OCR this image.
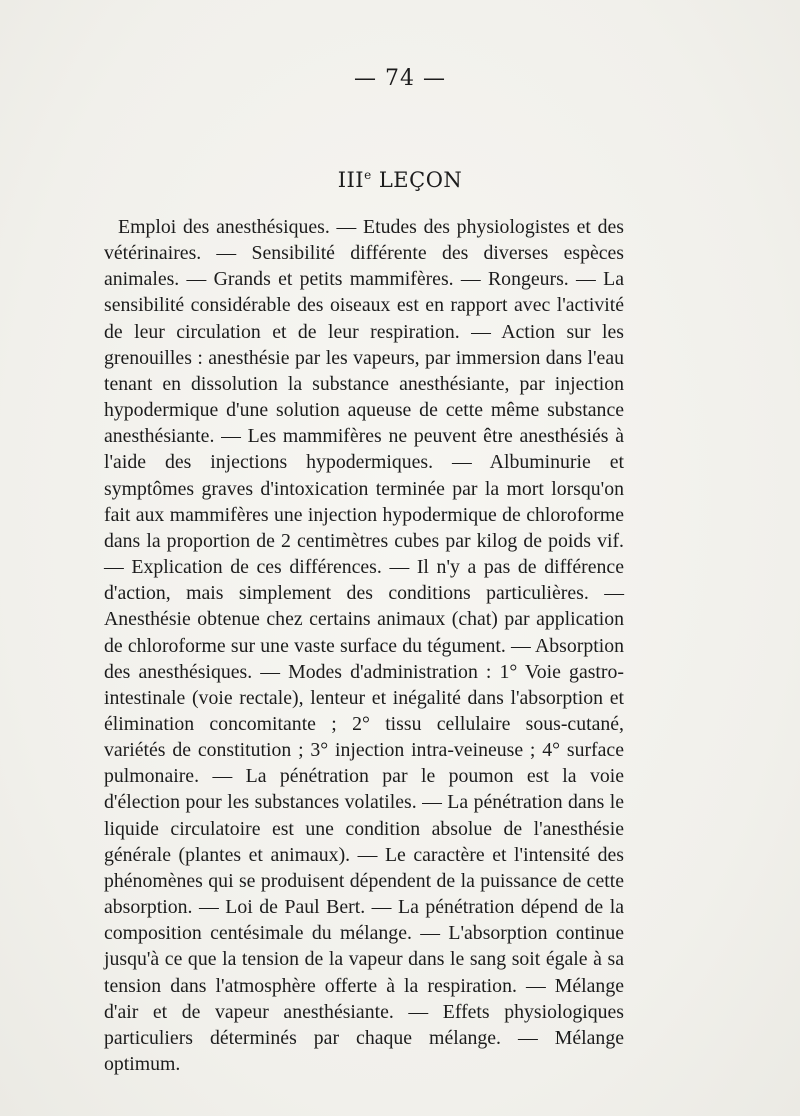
— 74 —
IIIe LEÇON

Emploi des anesthésiques. — Etudes des physiologistes et des vétérinaires. — Sensibilité différente des diverses espèces animales. — Grands et petits mammifères. — Rongeurs. — La sensibilité considérable des oiseaux est en rapport avec l'activité de leur circulation et de leur respiration. — Action sur les grenouilles : anesthésie par les vapeurs, par immersion dans l'eau tenant en dissolution la substance anesthésiante, par injection hypodermique d'une solution aqueuse de cette même substance anesthésiante. — Les mammifères ne peuvent être anesthésiés à l'aide des injections hypodermiques. — Albuminurie et symptômes graves d'intoxication terminée par la mort lorsqu'on fait aux mammifères une injection hypodermique de chloroforme dans la proportion de 2 centimètres cubes par kilog de poids vif. — Explication de ces différences. — Il n'y a pas de différence d'action, mais simplement des conditions particulières. — Anesthésie obtenue chez certains animaux (chat) par application de chloroforme sur une vaste surface du tégument. — Absorption des anesthésiques. — Modes d'administration : 1° Voie gastro-intestinale (voie rectale), lenteur et inégalité dans l'absorption et élimination concomitante ; 2° tissu cellulaire sous-cutané, variétés de constitution ; 3° injection intra-veineuse ; 4° surface pulmonaire. — La pénétration par le poumon est la voie d'élection pour les substances volatiles. — La pénétration dans le liquide circulatoire est une condition absolue de l'anesthésie générale (plantes et animaux). — Le caractère et l'intensité des phénomènes qui se produisent dépendent de la puissance de cette absorption. — Loi de Paul Bert. — La pénétration dépend de la composition centésimale du mélange. — L'absorption continue jusqu'à ce que la tension de la vapeur dans le sang soit égale à sa tension dans l'atmosphère offerte à la respiration. — Mélange d'air et de vapeur anesthésiante. — Effets physiologiques particuliers déterminés par chaque mélange. — Mélange optimum.
